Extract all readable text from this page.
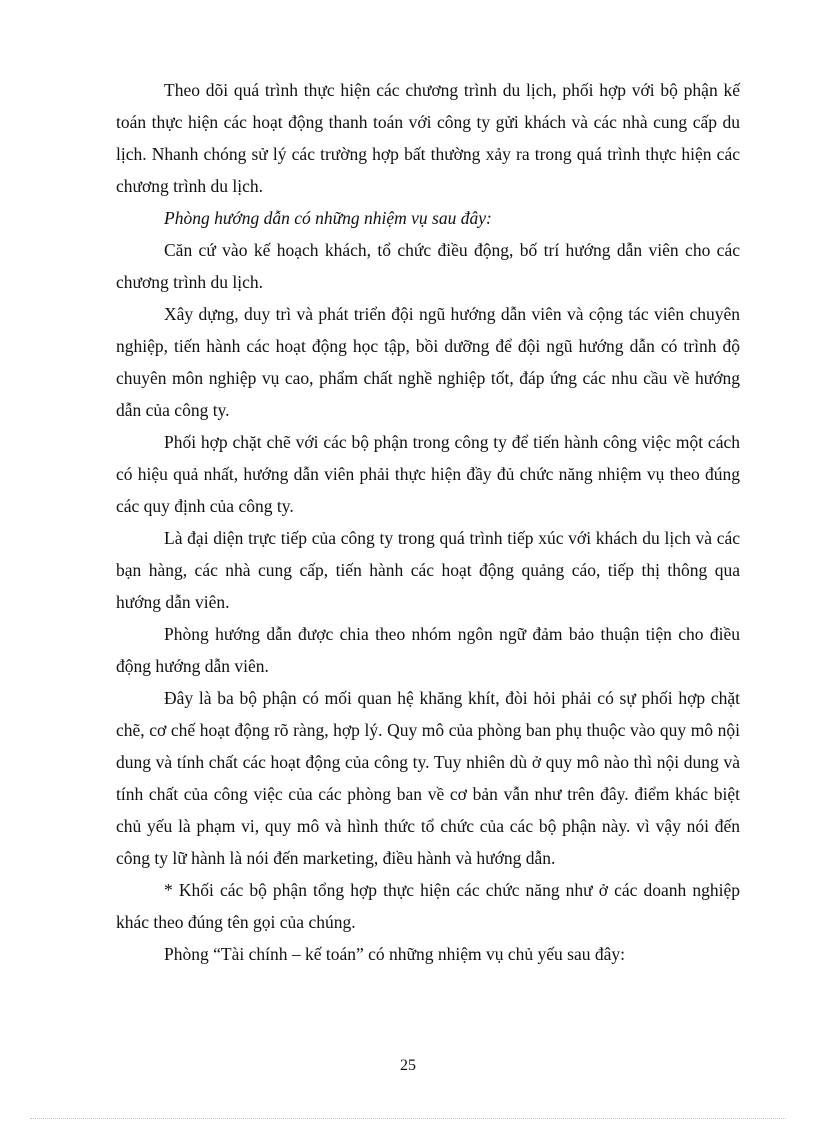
Theo dõi quá trình thực hiện các chương trình du lịch, phối hợp với bộ phận kế toán thực hiện các hoạt động thanh toán với công ty gửi khách và các nhà cung cấp du lịch. Nhanh chóng sử lý các trường hợp bất thường xảy ra trong quá trình thực hiện các chương trình du lịch.

Phòng hướng dẫn có những nhiệm vụ sau đây:

Căn cứ vào kế hoạch khách, tổ chức điều động, bố trí hướng dẫn viên cho các chương trình du lịch.

Xây dựng, duy trì và phát triển đội ngũ hướng dẫn viên và cộng tác viên chuyên nghiệp, tiến hành các hoạt động học tập, bồi dưỡng để đội ngũ hướng dẫn có trình độ chuyên môn nghiệp vụ cao, phẩm chất nghề nghiệp tốt, đáp ứng các nhu cầu về hướng dẫn của công ty.

Phối hợp chặt chẽ với các bộ phận trong công ty để tiến hành công việc một cách có hiệu quả nhất, hướng dẫn viên phải thực hiện đầy đủ chức năng nhiệm vụ theo đúng các quy định của công ty.

Là đại diện trực tiếp của công ty trong quá trình tiếp xúc với khách du lịch và các bạn hàng, các nhà cung cấp, tiến hành các hoạt động quảng cáo, tiếp thị thông qua hướng dẫn viên.

Phòng hướng dẫn được chia theo nhóm ngôn ngữ đảm bảo thuận tiện cho điều động hướng dẫn viên.

Đây là ba bộ phận có mối quan hệ khăng khít, đòi hỏi phải có sự phối hợp chặt chẽ, cơ chế hoạt động rõ ràng, hợp lý. Quy mô của phòng ban phụ thuộc vào quy mô nội dung và tính chất các hoạt động của công ty. Tuy nhiên dù ở quy mô nào thì nội dung và tính chất của công việc của các phòng ban về cơ bản vẫn như trên đây. điểm khác biệt chủ yếu là phạm vi, quy mô và hình thức tổ chức của các bộ phận này. vì vậy nói đến công ty lữ hành là nói đến marketing, điều hành và hướng dẫn.

* Khối các bộ phận tổng hợp thực hiện các chức năng như ở các doanh nghiệp khác theo đúng tên gọi của chúng.

Phòng “Tài chính – kế toán” có những nhiệm vụ chủ yếu sau đây:

25
